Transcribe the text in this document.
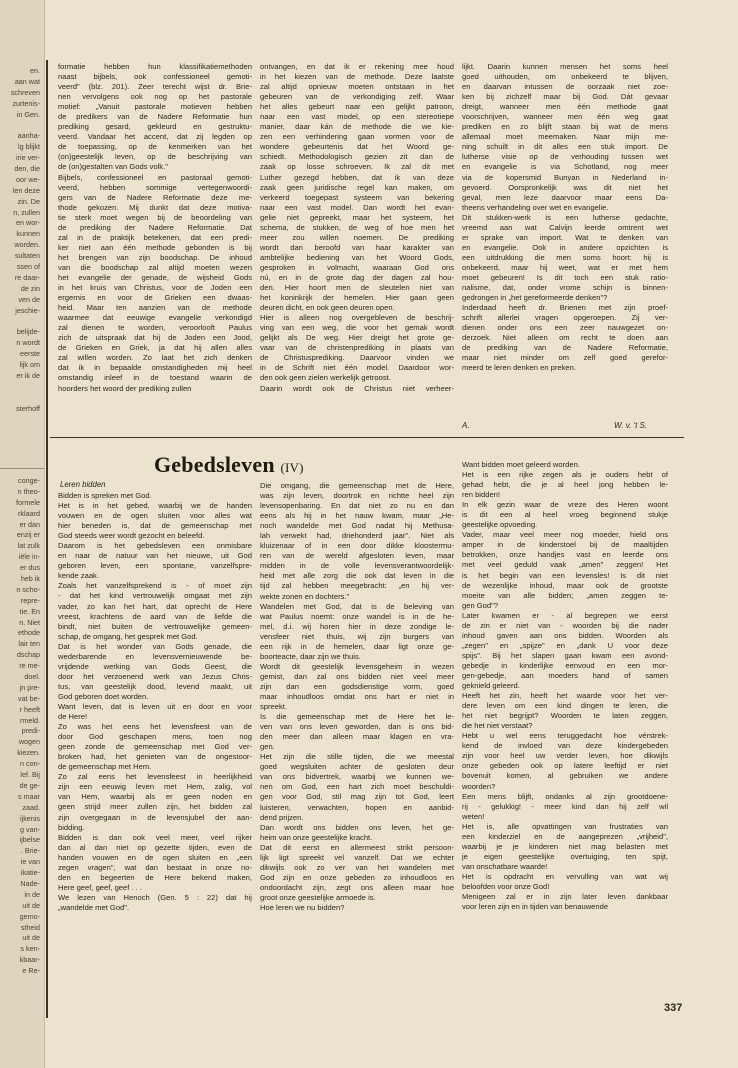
en.
aan wat
schreven
zurtenis-
in Gen.
aanha-
lg blijkt
irie ver-
den, die
oor we-
len deze
zin. De
n, zullen
en wor-
kunnen
worden.
sultaten
ssen of
re daar-
de zin
ven de
jeschie-
belijde-
n wordt
eerste
lijk om
er ik de
sterhoff
conge-
n theo-
formele
rklaard
er dan
enzij er
lat zulk
iële in-
er dus
heb ik
n scho-
repre-
tie. En
n. Niet
ethode
lair ten
dschap
re me-
doel.
jn pre-
vat be-
r heeft
rmeld.
predi-
wogen
kiezen.
n con-
lef. Bij
de ge-
s maar
zaad.
ijkenis
g van-
ijbelse
. Brie-
ie van
ikatie-
Nade-
in de
uit de
gemo-
stheid
uit de
s ken-
kbaar-
e Re-
formatie hebben hun klassifikatiemethoden
naast bijbels, ook confessioneel gemoti-
veerd" (blz. 201). Zeer terecht wijst dr. Brie-
nen vervolgens ook nog op het pastorale
motief: „Vanuit pastorale motieven hebben
de predikers van de Nadere Reformatie hun
prediking gesard, gekleurd en gestruktu-
veerd. Vandaar het accent, dat zij legden op
de toepassing, op de kenmerken van het
(on)geestelijk leven, op de beschrijving van
de (on)gestalten van Gods volk."
Bijbels, confessioneel en pastoraal gemoti-
veerd, hebben sommige vertegenwoordi-
gers van de Nadere Reformatie deze me-
thode gekozen. Mij dunkt dat deze motiva-
tie sterk moet wegen bij de beoordeling van
de prediking der Nadere Reformatie. Dat
zal in de praktijk betekenen, dat een predi-
ker niet aan één methode gebonden is bij
het brengen van zijn boodschap. De inhoud
van die boodschap zal altijd moeten wezen
het evangelie der genade, de wijsheid Gods
in het kruis van Christus, voor de Joden een
ergernis en voor de Grieken een dwaas-
heid. Maar ten aanzien van de methode
waarmee dat eeuwige evangelie verkondigd
zal dienen te worden, veroorlooft Paulus
zich de uitspraak dat hij de Joden een Jood,
de Grieken en Griek, ja dat hij allen alles
zal willen worden. Zo laat het zich denken
dat ik in bepaalde omstandigheden mij heel
omstandig inleef in de toestand waarin de
hoorders het woord der prediking zullen
ontvangen, en dat ik er rekening mee houd
in het kiezen van de methode. Deze laatste
zal altijd opnieuw moeten ontstaan in het
gebeuren van de verkondiging zelf. Waar
het alles gebeurt naar een gelijkt patroon,
naar een vast model, op een stereotiepe
manier, daar kán de methode die we kie-
zen een verhindering gaan vormen voor de
wondere gebeurtenis dat het Woord ge-
schiedt. Methodologisch gezien zit dan de
zaak op losse schroeven. Ik zal dit met
Luther gezegd hebben, dat ik van deze
zaak geen juridische regel kan maken, om
verkeerd toegepast systeem van bekering
naar een vast model. Dan wordt het evan-
gelie niet gepreekt, maar het systeem, het
schema, de stukken, de weg of hoe men het
meer zou willen noemen. De prediking
wordt dan beroofd van haar karakter van
ambtelijke bediening van het Woord Gods,
gesproken in volmacht, waaraan God ons
nú, en in de grote dag der dagen zal hou-
den. Hier hoort men de sleutelen niet van
het koninkrijk der hemelen. Hier gaan geen
deuren dicht, en ook geen deuren open.
Hier is alleen nog overgebleven de beschrij-
ving van een weg, die voor het gemak wordt
gelijkt als De weg. Hier dreigt het grote ge-
vaar van de christenprediking in plaats van
de Christusprediking. Daarvoor vinden we
in de Schrift niet één model. Daardoor wor-
den ook geen zielen werkelijk getroost.
Daarin wordt ook de Christus niet verheer-
lijkt. Daarin kunnen mensen het soms heel
goed uithouden, om onbekeerd te blijven,
en daarvan intussen de oorzaak niet zoe-
ken bij zichzelf maar bij God. Dát gevaar
dreigt, wanneer men één methode gaat
voorschrijven, wanneer men één weg gaat
prediken en zo blijft staan bij wat de mens
allemaal moet meemaken. Naar mijn me-
ning schuilt in dit alles een stuk import. De
lutherse visie op de verhouding tussen wet
en evangelie is via Schotland, nog meer
via de kopersmid Bunyan in Nederland in-
gevoerd. Oorspronkelijk was dit niet het
geval, men leze daarvoor maar eens Da-
theens verhandeling over wet en evangelie.
Dit stukken-werk is een lutherse gedachte,
vreemd aan wat Calvijn leerde omtrent wet
er sprake van import. Wat te denken van
en evangelie. Ook in andere opzichten is
een uitdrukking die men soms hoort: hij is
onbekeerd, maar hij weet, wat er met hem
moet gebeuren! Is dit toch een stuk ratio-
nalisme, dat, onder vrome schijn is binnen-
gedrongen in „het gereformeerde denken"?
Inderdaad heeft dr. Brienen met zijn proef-
schrift allerlei vragen opgeroepen. Zij ver-
dienen onder ons een zeer nauwgezet on-
derzoek. Niet alleen om recht te doen aan
de prediking van de Nadere Reformatie,
maar niet minder om zelf goed gerefor-
meerd te leren denken en preken.
A.	W. v. 't S.
Gebedsleven (IV)
Leren bidden
Bidden is spreken met God.
Het is in het gebed, waarbij we de handen
vouwen en de ogen sluiten voor alles wat
hier beneden is, dat de gemeenschap met
God steeds weer wordt gezocht en beleefd.
Daarom is het gebedsleven een onmisbare
en naar de natuur van het nieuwe, uit God
geboren leven, een spontane, vanzelfspre-
kende zaak.
Zoals het vanzelfsprekend is - of moet zijn
- dat het kind vertrouwelijk omgaat met zijn
vader, zo kan het hart, dat oprecht de Here
vreest, krachtens de aard van de liefde die
bindt, niet buiten de vertrouwelijke gemeen-
schap, de omgang, het gesprek met God.
Dat is het wonder van Gods genade, die
wederbarende en levensvernieuwende be-
vrijdende werking van Gods Geest, die
door het verzoenend werk van Jezus Chris-
tus, van geestelijk dood, levend maakt, uit
God geboren doet worden.
Want leven, dat is leven uit en door en voor
de Here!
Zo was het eens het levensfeest van de
door God geschapen mens, toen nog
geen zonde de gemeenschap met God ver-
broken had, het genieten van de ongestoor-
de gemeenschap met Hem.
Zo zal eens het levensfeest in heerlijkheid
zijn een eeuwig leven met Hem, zalig, vol
van Hem, waarbij als er geen noden en
geen strijd meer zullen zijn, het bidden zal
zijn overgegaan in de levensjubel der aan-
bidding.
Bidden is dan ook veel meer, veel rijker
dan al dan niet op gezette tijden, even de
handen vouwen en de ogen sluiten en „een
zegen vragen", wat dan bestaat in onze no-
den en begeerten de Here bekend maken,
Here geef, geef, geef . . .
We lezen van Henoch (Gen. 5 : 22) dat hij
„wandelde met God".
Die omgang, die gemeenschap met de Here,
was zijn leven, doortrok en richtte heel zijn
levensopenbaring. En dat niet zo nu en dan
eens als hij in het nauw kwam, maar „He-
noch wandelde met God nadat hij Methusa-
lah verwekt had, driehonderd jaar". Niet als
kluizenaar of in een door dikke kloostermu-
ren van de wereld afgesloten leven, maar
midden in de volle levensverantwoordelijk-
heid met alle zorg die ook dat leven in die
tijd zal hebben meegebracht: „en hij ver-
wekte zonen en dochters."
Wandelen met God, dat is de beleving van
wat Paulus noemt: onze wandel is in de he-
mel, d.i. wij horen hier in deze zondige le-
vensfeer niet thuis, wij zijn burgers van
een rijk in de hemelen, daar ligt onze ge-
boorteacte, daar zijn we thuis.
Wordt dit geestelijk levensgeheim in wezen
gemist, dan zal ons bidden niet veel meer
zijn dan een godsdienstige vorm, goed
maar inhoudloos omdat ons hart er niet in
spreekt.
Is die gemeenschap met de Here het le-
ven van ons leven geworden, dan is ons bid-
den meer dan alleen maar klagen en vra-
gen.
Het zijn die stille tijden, die we meestal
goed wegsluiten achter de gesloten deur
van ons bidvertrek, waarbij we kunnen we-
nen om God, een hart zich moet beschuldi-
gen voor God, stil mag zijn tot God, leert
luisteren, verwachten, hopen en aanbid-
dend prijzen.
Dan wordt ons bidden ons leven, het ge-
heim van onze geestelijke kracht.
Dat dit eerst en allermeest strikt persoon-
lijk ligt spreekt vel vanzelf. Dat we echter
dikwijls ook zo ver van het wandelen met
God zijn en onze gebeden zo inhoudloos en
ondoordacht zijn, zegt ons alleen maar hoe
groot onze geestelijke armoede is.
Hoe leren we nu bidden?
Want bidden moet geleerd worden.
Het is een rijke zegen als je ouders hebt of
gehad hebt, die je al heel jong hebben le-
ren bidden!
In elk gezin waar de vreze des Heren woont
is dit een al heel vroeg beginnend stukje
geestelijke opvoeding.
Vader, maar veel meer nog moeder, hield ons
amper in de kinderstoel bij de maaltijden
betrokken, onze handjes vast en leerde ons
met veel geduld vaak „amen" zeggen! Het
is het begin van een levensles! Is dit niet
de wezenlijke inhoud, maar ook de grootste
moeite van alle bidden; „amen zeggen te-
gen God"?
Later kwamen er - al begrepen we eerst
de zin er niet van - woorden bij die nader
inhoud gaven aan ons bidden. Woorden als
„zegen" en „spijze" en „dank U voor deze
spijs". Bij het slapen gaan kwam een avond-
gebedje in kinderlijke eenvoud en een mor-
gen-gebedje, aan moeders hand of samen
geknield geleerd.
Heeft het zin, heeft het waarde voor het ver-
dere leven om een kind dingen te leren, die
het niet begrijpt? Woorden te laten zeggen,
die het niet verstaat?
Hebt u wel eens teruggedacht hoe vérstrek-
kend de invloed van deze kindergebeden
zijn voor heel uw verder leven, hoe dikwijls
onze gebeden ook op latere leeftijd er niet
bovenuit komen, al gebruiken we andere
woorden?
Een mens blijft, ondanks al zijn grootdoene-
rij - gelukkig! - meer kind dan hij zelf wil
weten!
Het is, alle opvattingen van frustraties van
een kinderziel en de aangeprezen „vrijheid",
waarbij je je kinderen niet mag belasten met
je eigen geestelijke overtuiging, ten spijt,
van onschatbare waarde!
Het is opdracht en vervulling van wat wij
beloofden voor onze God!
Menigeen zal er in zijn later leven dankbaar
voor leren zijn en in tijden van benauwende
337
